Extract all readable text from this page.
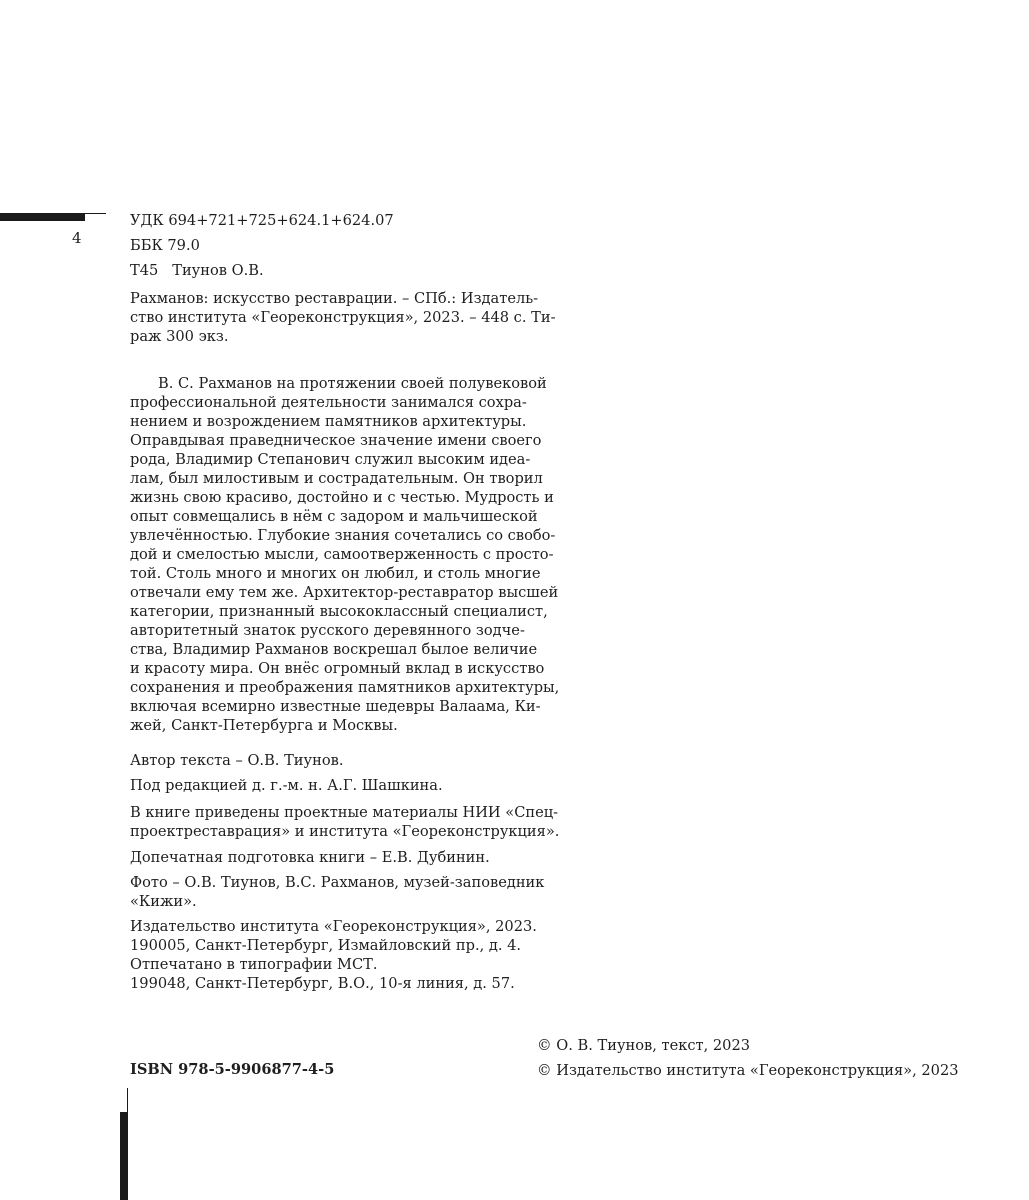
4
УДК 694+721+725+624.1+624.07
ББК 79.0
Т45   Тиунов О.В.
Рахманов: искусство реставрации. – СПб.: Издатель-
ство института «Геореконструкция», 2023. – 448 с. Ти-
раж 300 экз.
В. С. Рахманов на протяжении своей полувековой
профессиональной деятельности занимался сохра-
нением и возрождением памятников архитектуры.
Оправдывая праведническое значение имени своего
рода, Владимир Степанович служил высоким идеа-
лам, был милостивым и сострадательным. Он творил
жизнь свою красиво, достойно и с честью. Мудрость и
опыт совмещались в нём с задором и мальчишеской
увлечённостью. Глубокие знания сочетались со свобо-
дой и смелостью мысли, самоотверженность с просто-
той. Столь много и многих он любил, и столь многие
отвечали ему тем же. Архитектор-реставратор высшей
категории, признанный высококлассный специалист,
авторитетный знаток русского деревянного зодче-
ства, Владимир Рахманов воскрешал былое величие
и красоту мира. Он внёс огромный вклад в искусство
сохранения и преображения памятников архитектуры,
включая всемирно известные шедевры Валаама, Ки-
жей, Санкт-Петербурга и Москвы.
Автор текста – О.В. Тиунов.
Под редакцией д. г.-м. н. А.Г. Шашкина.
В книге приведены проектные материалы НИИ «Спец-
проектреставрация» и института «Геореконструкция».
Допечатная подготовка книги – Е.В. Дубинин.
Фото – О.В. Тиунов, В.С. Рахманов, музей-заповедник
«Кижи».
Издательство института «Геореконструкция», 2023.
190005, Санкт-Петербург, Измайловский пр., д. 4.
Отпечатано в типографии МСТ.
199048, Санкт-Петербург, В.О., 10-я линия, д. 57.
© О. В. Тиунов, текст, 2023
© Издательство института «Геореконструкция», 2023
ISBN 978-5-9906877-4-5
